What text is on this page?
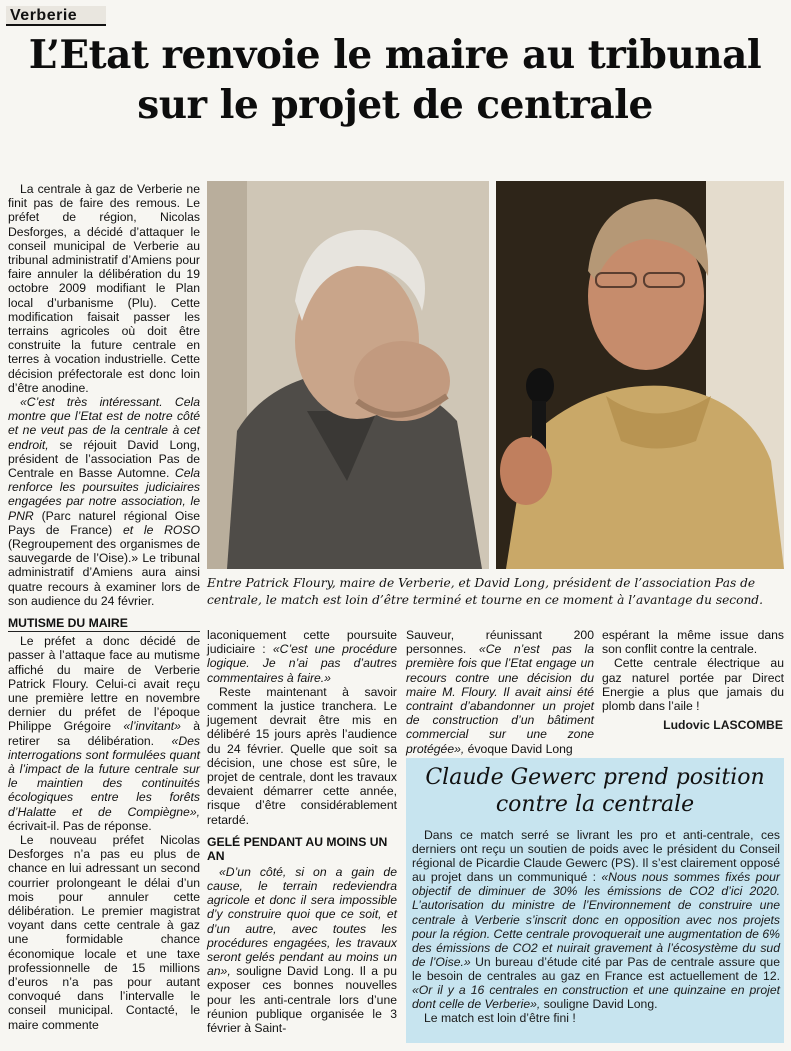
Verberie
L’Etat renvoie le maire au tribunal
sur le projet de centrale

La centrale à gaz de Verberie ne finit pas de faire des remous. Le préfet de région, Nicolas Desforges, a décidé d’attaquer le conseil municipal de Verberie au tribunal administratif d’Amiens pour faire annuler la délibération du 19 octobre 2009 modifiant le Plan local d’urbanisme (Plu). Cette modification faisait passer les terrains agricoles où doit être construite la future centrale en terres à vocation industrielle. Cette décision préfectorale est donc loin d’être anodine.

«C’est très intéressant. Cela montre que l’Etat est de notre côté et ne veut pas de la centrale à cet endroit, se réjouit David Long, président de l’association Pas de Centrale en Basse Automne. Cela renforce les poursuites judiciaires engagées par notre association, le PNR (Parc naturel régional Oise Pays de France) et le ROSO (Regroupement des organismes de sauvegarde de l’Oise).» Le tribunal administratif d’Amiens aura ainsi quatre recours à examiner lors de son audience du 24 février.

MUTISME DU MAIRE

Le préfet a donc décidé de passer à l’attaque face au mutisme affiché du maire de Verberie Patrick Floury. Celui-ci avait reçu une première lettre en novembre dernier du préfet de l’époque Philippe Grégoire «l’invitant» à retirer sa délibération. «Des interrogations sont formulées quant à l’impact de la future centrale sur le maintien des continuités écologiques entre les forêts d’Halatte et de Compiègne», écrivait-il. Pas de réponse.

Le nouveau préfet Nicolas Desforges n’a pas eu plus de chance en lui adressant un second courrier prolongeant le délai d’un mois pour annuler cette délibération. Le premier magistrat voyant dans cette centrale à gaz une formidable chance économique locale et une taxe professionnelle de 15 millions d’euros n’a pas pour autant convoqué dans l’intervalle le conseil municipal. Contacté, le maire commente

Entre Patrick Floury, maire de Verberie, et David Long, président de l’association Pas de centrale, le match est loin d’être terminé et tourne en ce moment à l’avantage du second.

laconiquement cette poursuite judiciaire : «C’est une procédure logique. Je n’ai pas d’autres commentaires à faire.»

Reste maintenant à savoir comment la justice tranchera. Le jugement devrait être mis en délibéré 15 jours après l’audience du 24 février. Quelle que soit sa décision, une chose est sûre, le projet de centrale, dont les travaux devaient démarrer cette année, risque d’être considérablement retardé.

GELÉ PENDANT AU MOINS UN AN

«D’un côté, si on a gain de cause, le terrain redeviendra agricole et donc il sera impossible d’y construire quoi que ce soit, et d’un autre, avec toutes les procédures engagées, les travaux seront gelés pendant au moins un an», souligne David Long. Il a pu exposer ces bonnes nouvelles pour les anti-centrale lors d’une réunion publique organisée le 3 février à Saint-

Sauveur, réunissant 200 personnes. «Ce n’est pas la première fois que l’Etat engage un recours contre une décision du maire M. Floury. Il avait ainsi été contraint d’abandonner un projet de construction d’un bâtiment commercial sur une zone protégée», évoque David Long

espérant la même issue dans son conflit contre la centrale.

Cette centrale électrique au gaz naturel portée par Direct Energie a plus que jamais du plomb dans l’aile !

Ludovic LASCOMBE
Claude Gewerc prend position
contre la centrale

Dans ce match serré se livrant les pro et anti-centrale, ces derniers ont reçu un soutien de poids avec le président du Conseil régional de Picardie Claude Gewerc (PS). Il s’est clairement opposé au projet dans un communiqué : «Nous nous sommes fixés pour objectif de diminuer de 30% les émissions de CO2 d’ici 2020. L’autorisation du ministre de l’Environnement de construire une centrale à Verberie s’inscrit donc en opposition avec nos projets pour la région. Cette centrale provoquerait une augmentation de 6% des émissions de CO2 et nuirait gravement à l’écosystème du sud de l’Oise.» Un bureau d’étude cité par Pas de centrale assure que le besoin de centrales au gaz en France est actuellement de 12. «Or il y a 16 centrales en construction et une quinzaine en projet dont celle de Verberie», souligne David Long.

Le match est loin d’être fini !
